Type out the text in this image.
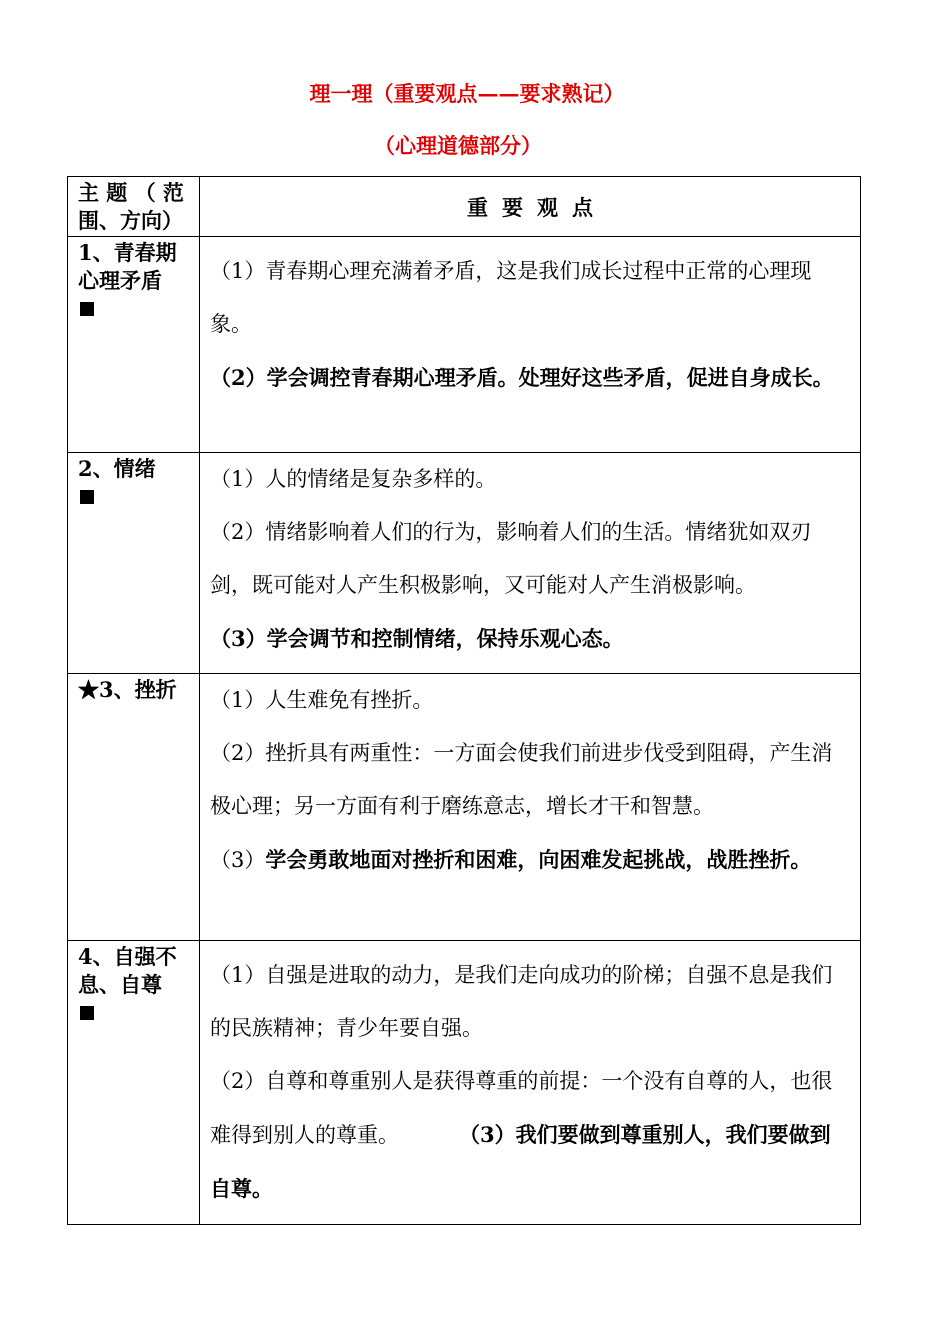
理一理（重要观点——要求熟记）
（心理道德部分）
主 题 （ 范
围、方向）	重要观点
1、青春期心理矛盾	（1）青春期心理充满着矛盾，这是我们成长过程中正常的心理现象。

（2）学会调控青春期心理矛盾。处理好这些矛盾，促进自身成长。

2、情绪	（1）人的情绪是复杂多样的。

（2）情绪影响着人们的行为，影响着人们的生活。情绪犹如双刃剑，既可能对人产生积极影响，又可能对人产生消极影响。

（3）学会调节和控制情绪，保持乐观心态。

★3、挫折	（1）人生难免有挫折。

（2）挫折具有两重性：一方面会使我们前进步伐受到阻碍，产生消极心理；另一方面有利于磨练意志，增长才干和智慧。

（3）学会勇敢地面对挫折和困难，向困难发起挑战，战胜挫折。

4、自强不息、自尊	（1）自强是进取的动力，是我们走向成功的阶梯；自强不息是我们的民族精神；青少年要自强。

（2）自尊和尊重别人是获得尊重的前提：一个没有自尊的人，也很难得到别人的尊重。 （3）我们要做到尊重别人，我们要做到自尊。
